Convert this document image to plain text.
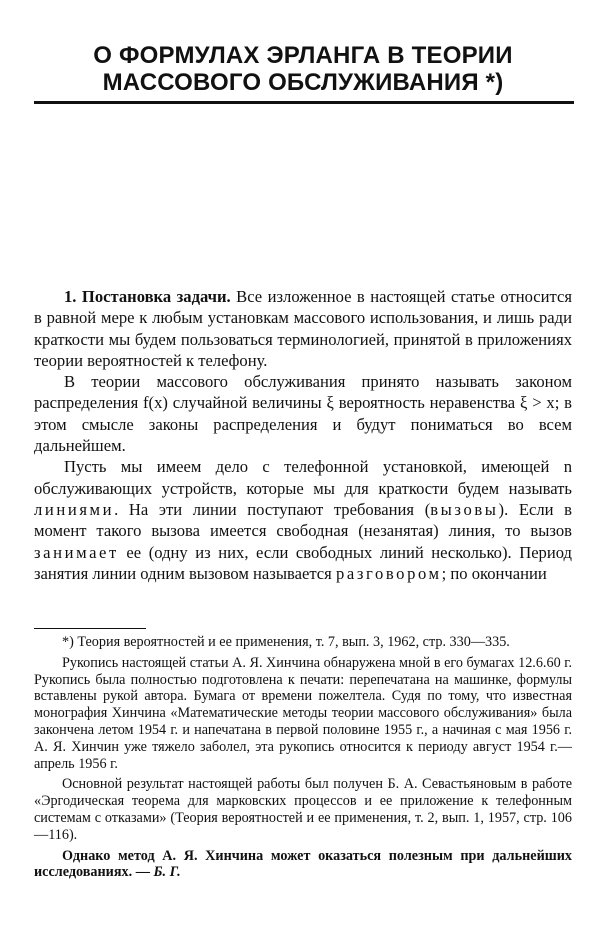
О ФОРМУЛАХ ЭРЛАНГА В ТЕОРИИ
МАССОВОГО ОБСЛУЖИВАНИЯ *)

1. Постановка задачи. Все изложенное в настоящей статье относится в равной мере к любым установкам массового использования, и лишь ради краткости мы будем пользоваться терминологией, принятой в приложениях теории вероятностей к телефону.

В теории массового обслуживания принято называть законом распределения f(x) случайной величины ξ вероятность неравенства ξ > x; в этом смысле законы распределения и будут пониматься во всем дальнейшем.

Пусть мы имеем дело с телефонной установкой, имеющей n обслуживающих устройств, которые мы для краткости будем называть линиями. На эти линии поступают требования (вызовы). Если в момент такого вызова имеется свободная (незанятая) линия, то вызов занимает ее (одну из них, если свободных линий несколько). Период занятия линии одним вызовом называется разговором; по окончании

*) Теория вероятностей и ее применения, т. 7, вып. 3, 1962, стр. 330—335.

Рукопись настоящей статьи А. Я. Хинчина обнаружена мной в его бумагах 12.6.60 г. Рукопись была полностью подготовлена к печати: перепечатана на машинке, формулы вставлены рукой автора. Бумага от времени пожелтела. Судя по тому, что известная монография Хинчина «Математические методы теории массового обслуживания» была закончена летом 1954 г. и напечатана в первой половине 1955 г., а начиная с мая 1956 г. А. Я. Хинчин уже тяжело заболел, эта рукопись относится к периоду август 1954 г.— апрель 1956 г.

Основной результат настоящей работы был получен Б. А. Севастьяновым в работе «Эргодическая теорема для марковских процессов и ее приложение к телефонным системам с отказами» (Теория вероятностей и ее применения, т. 2, вып. 1, 1957, стр. 106—116).

Однако метод А. Я. Хинчина может оказаться полезным при дальнейших исследованиях. — Б. Г.
